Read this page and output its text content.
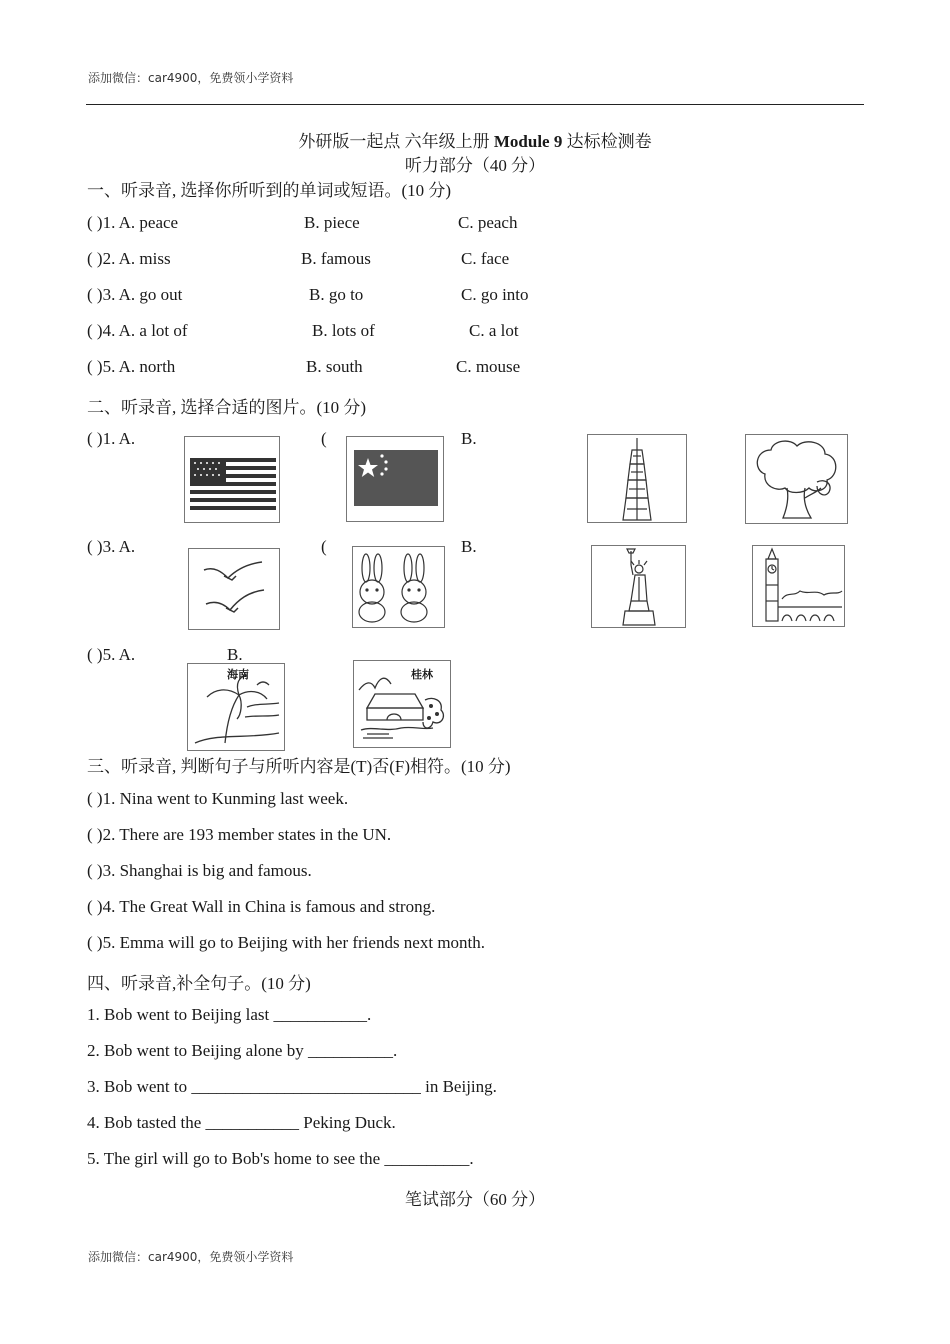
添加微信：car4900，免费领小学资料
外研版一起点 六年级上册 Module 9 达标检测卷
听力部分（40 分）
一、听录音, 选择你所听到的单词或短语。(10 分)
( )1. A. peace	B. piece	C. peach
( )2. A. miss	B. famous	C. face
( )3. A. go out	B. go to	C. go into
( )4. A. a lot of	B. lots of	C. a lot
( )5. A. north	B. south	C. mouse
二、听录音, 选择合适的图片。(10 分)
( )1. A.	(	B.
( )3. A.	(	B.
( )5. A.	B.
海南	桂林
三、听录音, 判断句子与所听内容是(T)否(F)相符。(10 分)
( )1. Nina went to Kunming last week.
( )2. There are 193 member states in the UN.
( )3. Shanghai is big and famous.
( )4. The Great Wall in China is famous and strong.
( )5. Emma will go to Beijing with her friends next month.
四、听录音,补全句子。(10 分)
1. Bob went to Beijing last ___________.
2. Bob went to Beijing alone by __________.
3. Bob went to ___________________________ in Beijing.
4. Bob tasted the ___________ Peking Duck.
5. The girl will go to Bob's home to see the __________.
笔试部分（60 分）
添加微信：car4900，免费领小学资料
